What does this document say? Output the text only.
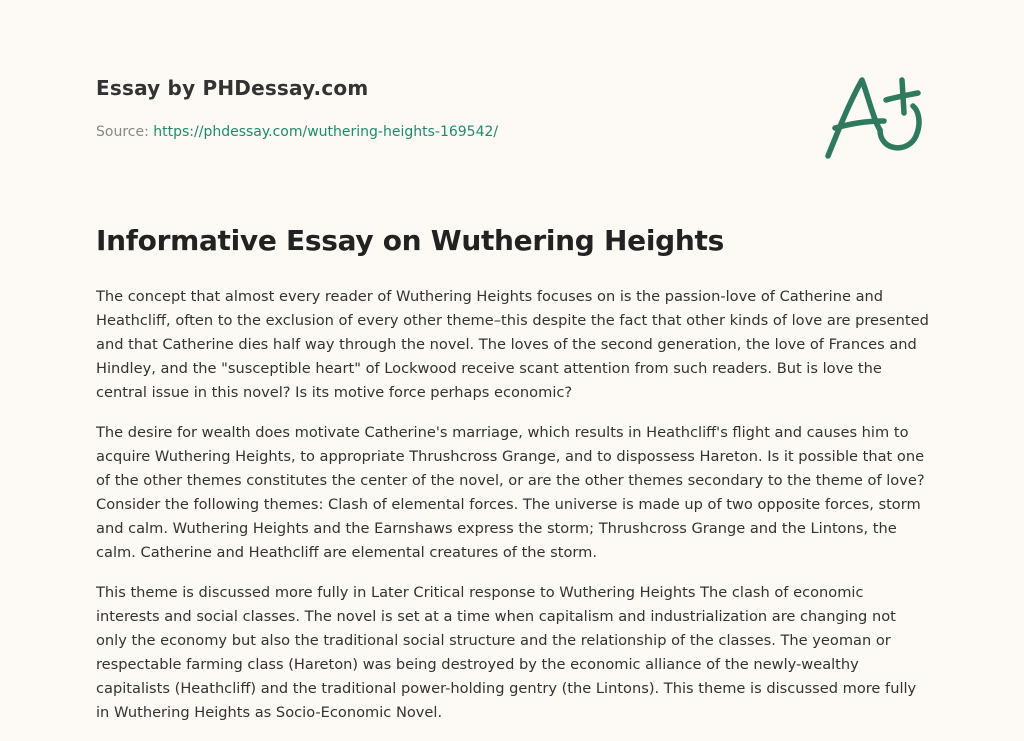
Essay by PHDessay.com

Source: https://phdessay.com/wuthering-heights-169542/
Informative Essay on Wuthering Heights

The concept that almost every reader of Wuthering Heights focuses on is the passion-love of Catherine and Heathcliff, often to the exclusion of every other theme–this despite the fact that other kinds of love are presented and that Catherine dies half way through the novel. The loves of the second generation, the love of Frances and Hindley, and the "susceptible heart" of Lockwood receive scant attention from such readers. But is love the central issue in this novel? Is its motive force perhaps economic?

The desire for wealth does motivate Catherine's marriage, which results in Heathcliff's flight and causes him to acquire Wuthering Heights, to appropriate Thrushcross Grange, and to dispossess Hareton. Is it possible that one of the other themes constitutes the center of the novel, or are the other themes secondary to the theme of love? Consider the following themes: Clash of elemental forces. The universe is made up of two opposite forces, storm and calm. Wuthering Heights and the Earnshaws express the storm; Thrushcross Grange and the Lintons, the calm. Catherine and Heathcliff are elemental creatures of the storm.

This theme is discussed more fully in Later Critical response to Wuthering Heights The clash of economic interests and social classes. The novel is set at a time when capitalism and industrialization are changing not only the economy but also the traditional social structure and the relationship of the classes. The yeoman or respectable farming class (Hareton) was being destroyed by the economic alliance of the newly-wealthy capitalists (Heathcliff) and the traditional power-holding gentry (the Lintons). This theme is discussed more fully in Wuthering Heights as Socio-Economic Novel.
